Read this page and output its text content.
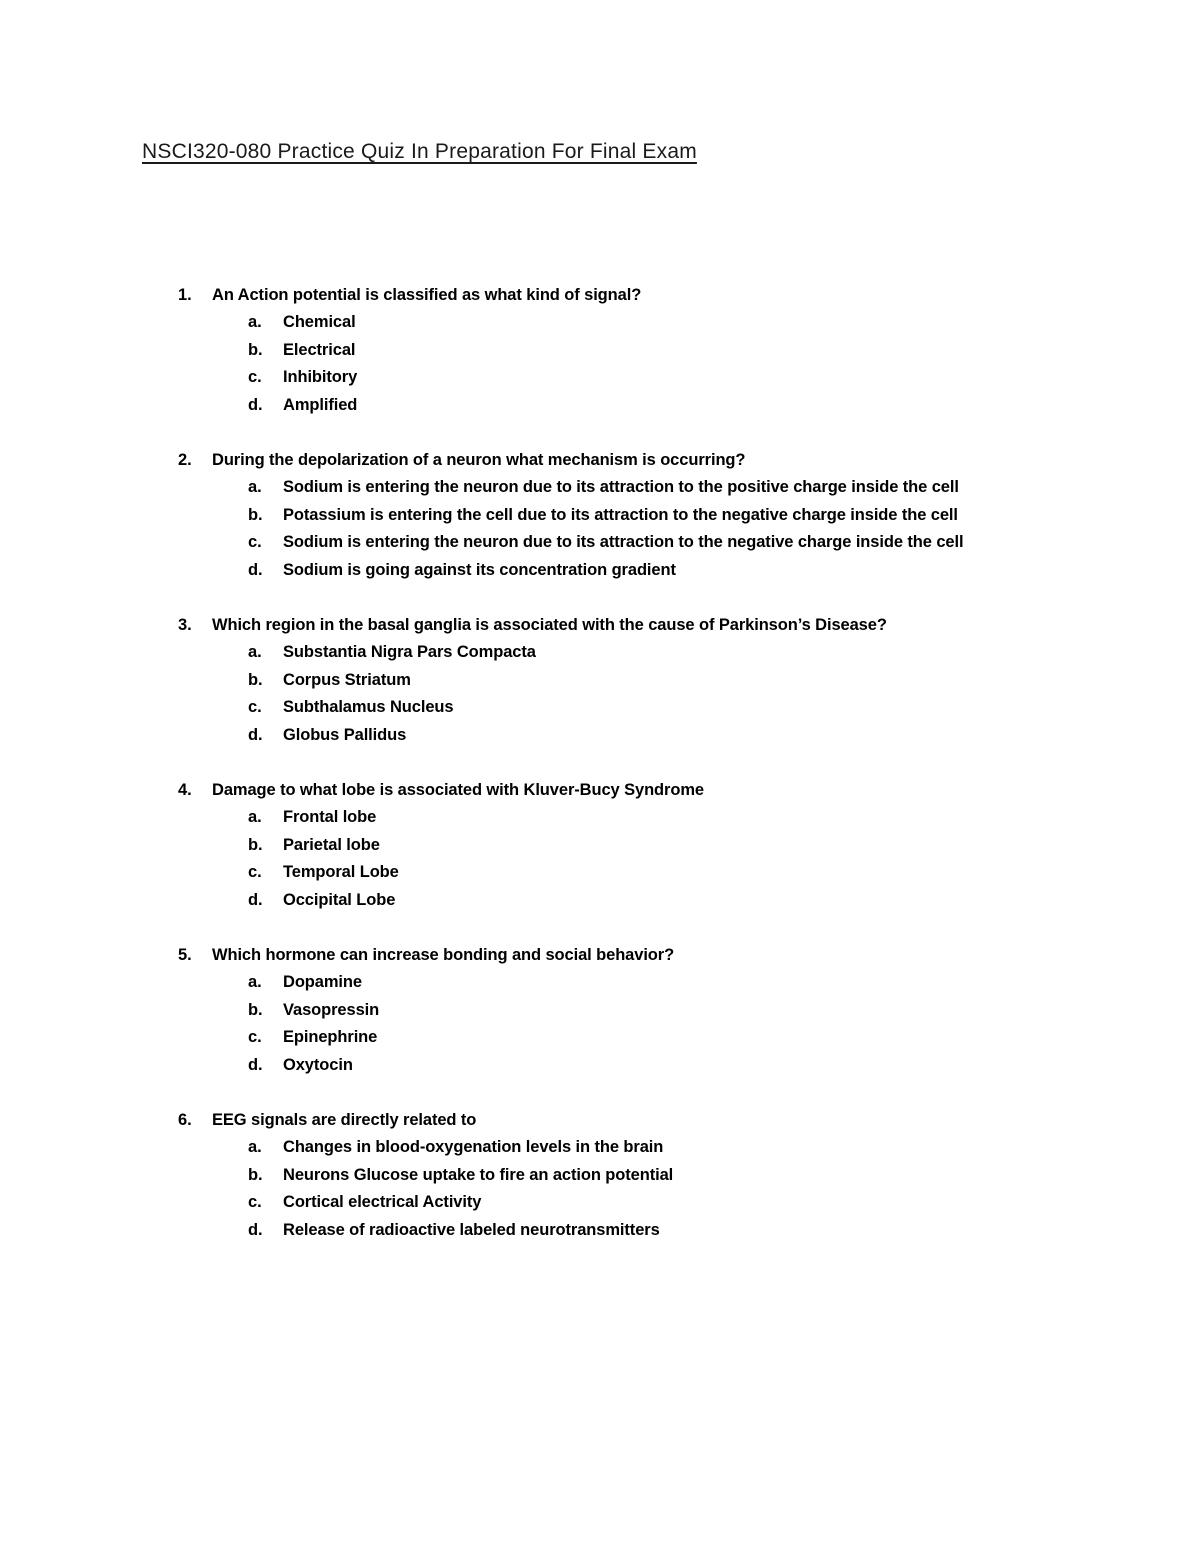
NSCI320-080 Practice Quiz In Preparation For Final Exam
1.	An Action potential is classified as what kind of signal?
a.	Chemical
b.	Electrical
c.	Inhibitory
d.	Amplified
2.	During the depolarization of a neuron what mechanism is occurring?
a.	Sodium is entering the neuron due to its attraction to the positive charge inside the cell
b.	Potassium is entering the cell due to its attraction to the negative charge inside the cell
c.	Sodium is entering the neuron due to its attraction to the negative charge inside the cell
d.	Sodium is going against its concentration gradient
3.	Which region in the basal ganglia is associated with the cause of Parkinson’s Disease?
a.	Substantia Nigra Pars Compacta
b.	Corpus Striatum
c.	Subthalamus Nucleus
d.	Globus Pallidus
4.	Damage to what lobe is associated with Kluver-Bucy Syndrome
a.	Frontal lobe
b.	Parietal lobe
c.	Temporal Lobe
d.	Occipital Lobe
5.	Which hormone can increase bonding and social behavior?
a.	Dopamine
b.	Vasopressin
c.	Epinephrine
d.	Oxytocin
6.	EEG signals are directly related to
a.	Changes in blood-oxygenation levels in the brain
b.	Neurons Glucose uptake to fire an action potential
c.	Cortical electrical Activity
d.	Release of radioactive labeled neurotransmitters
